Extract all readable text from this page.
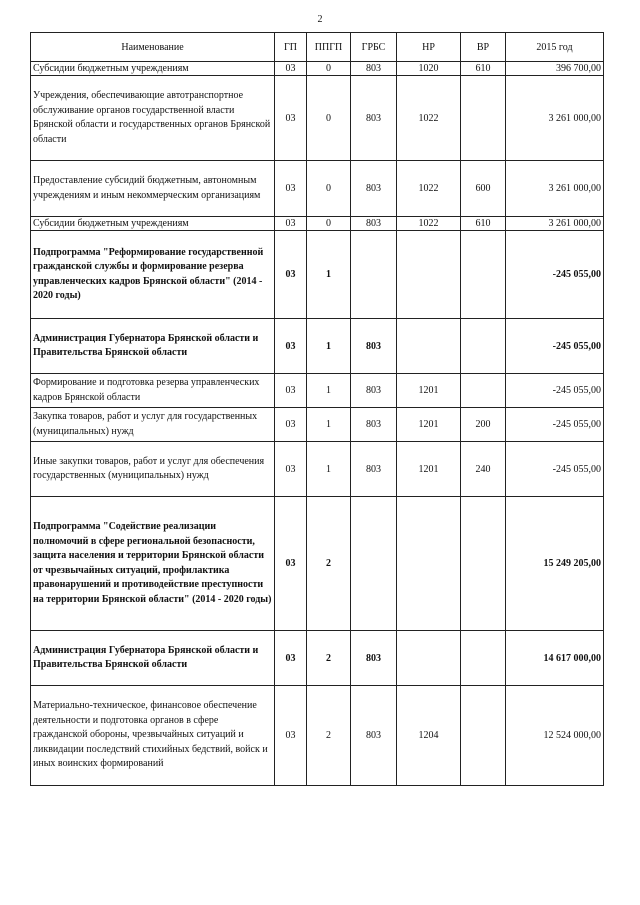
2
Наименование	ГП	ППГП	ГРБС	НР	ВР	2015 год
Субсидии бюджетным учреждениям	03	0	803	1020	610	396 700,00
Учреждения, обеспечивающие автотранспортное обслуживание органов государственной власти Брянской области и государственных органов Брянской области	03	0	803	1022		3 261 000,00
Предоставление субсидий бюджетным, автономным учреждениям и иным некоммерческим организациям	03	0	803	1022	600	3 261 000,00
Субсидии бюджетным учреждениям	03	0	803	1022	610	3 261 000,00
Подпрограмма "Реформирование государственной гражданской службы и формирование резерва управленческих кадров Брянской области" (2014 - 2020 годы)	03	1				-245 055,00
Администрация Губернатора Брянской области и Правительства Брянской области	03	1	803			-245 055,00
Формирование и подготовка резерва управленческих кадров Брянской области	03	1	803	1201		-245 055,00
Закупка товаров, работ и услуг для государственных (муниципальных) нужд	03	1	803	1201	200	-245 055,00
Иные закупки товаров, работ и услуг для обеспечения государственных (муниципальных) нужд	03	1	803	1201	240	-245 055,00
Подпрограмма "Содействие реализации полномочий в сфере региональной безопасности, защита населения и территории Брянской области от чрезвычайных ситуаций, профилактика правонарушений и противодействие преступности на территории Брянской области" (2014 - 2020 годы)	03	2				15 249 205,00
Администрация Губернатора Брянской области и Правительства Брянской области	03	2	803			14 617 000,00
Материально-техническое, финансовое обеспечение деятельности и подготовка органов в сфере гражданской обороны, чрезвычайных ситуаций и ликвидации последствий стихийных бедствий, войск и иных воинских формирований	03	2	803	1204		12 524 000,00
